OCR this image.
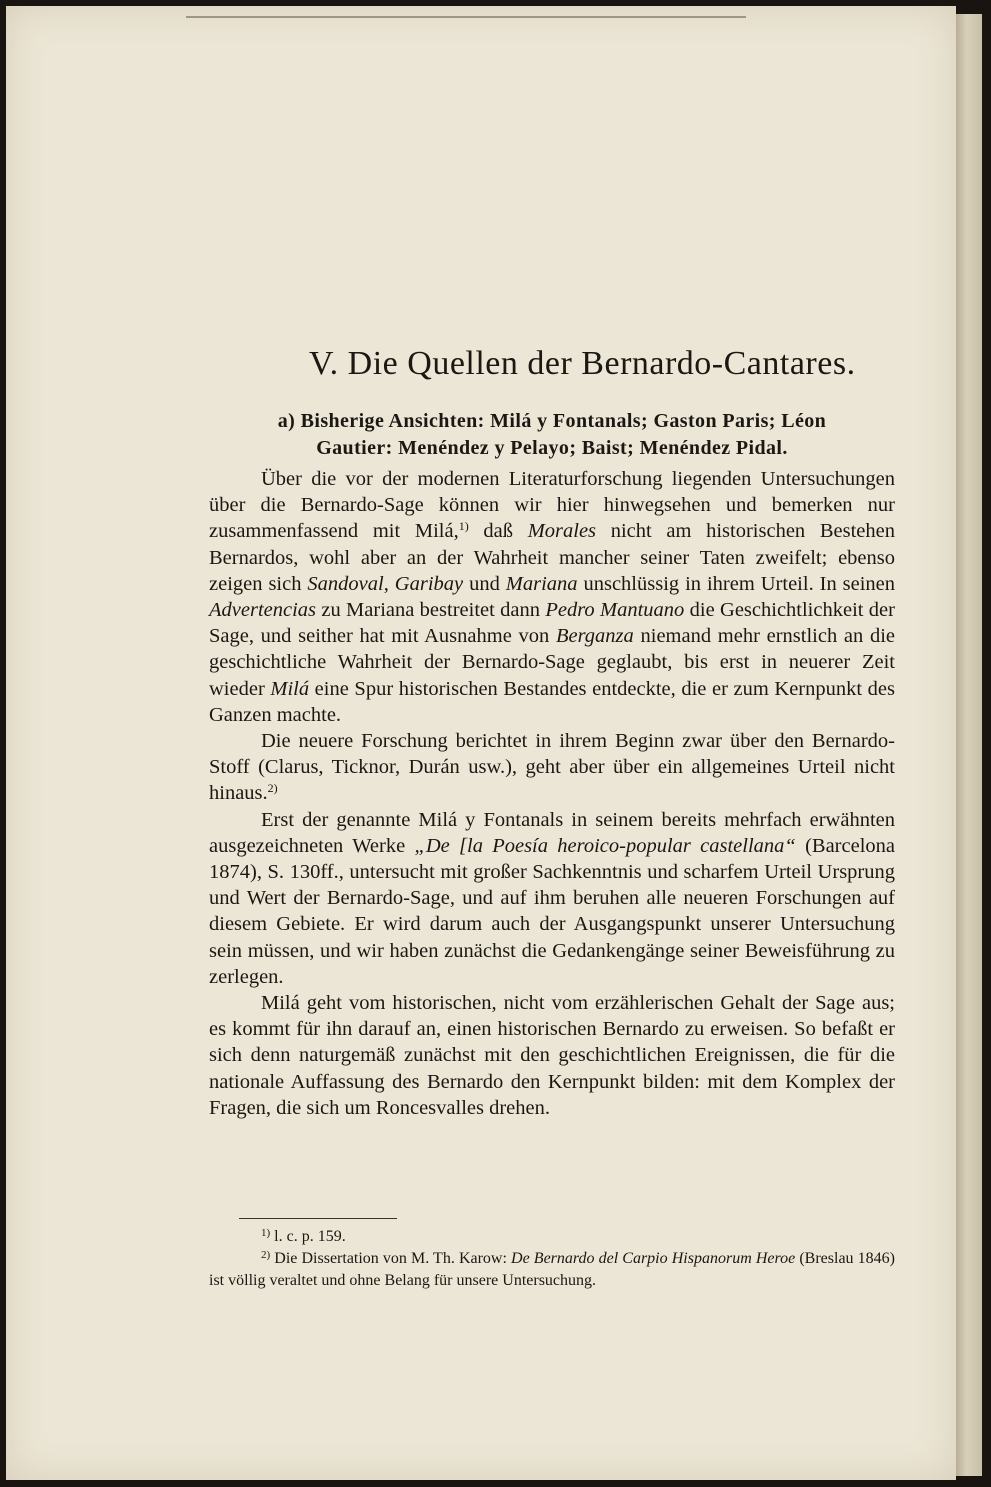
V. Die Quellen der Bernardo-Cantares.
a) Bisherige Ansichten: Milá y Fontanals; Gaston Paris; Léon
Gautier: Menéndez y Pelayo; Baist; Menéndez Pidal.

Über die vor der modernen Literaturforschung liegenden Untersuchungen über die Bernardo-Sage können wir hier hinwegsehen und bemerken nur zusammenfassend mit Milá,$^{1)}$ daß Morales nicht am historischen Bestehen Bernardos, wohl aber an der Wahrheit mancher seiner Taten zweifelt; ebenso zeigen sich Sandoval, Garibay und Mariana unschlüssig in ihrem Urteil. In seinen Advertencias zu Mariana bestreitet dann Pedro Mantuano die Geschichtlichkeit der Sage, und seither hat mit Ausnahme von Berganza niemand mehr ernstlich an die geschichtliche Wahrheit der Bernardo-Sage geglaubt, bis erst in neuerer Zeit wieder Milá eine Spur historischen Bestandes entdeckte, die er zum Kernpunkt des Ganzen machte.

Die neuere Forschung berichtet in ihrem Beginn zwar über den Bernardo-Stoff (Clarus, Ticknor, Durán usw.), geht aber über ein allgemeines Urteil nicht hinaus.$^{2)}$

Erst der genannte Milá y Fontanals in seinem bereits mehrfach erwähnten ausgezeichneten Werke „De [la Poesía heroico-popular castellana“ (Barcelona 1874), S. 130ff., untersucht mit großer Sachkenntnis und scharfem Urteil Ursprung und Wert der Bernardo-Sage, und auf ihm beruhen alle neueren Forschungen auf diesem Gebiete. Er wird darum auch der Ausgangspunkt unserer Untersuchung sein müssen, und wir haben zunächst die Gedankengänge seiner Beweisführung zu zerlegen.

Milá geht vom historischen, nicht vom erzählerischen Gehalt der Sage aus; es kommt für ihn darauf an, einen historischen Bernardo zu erweisen. So befaßt er sich denn naturgemäß zunächst mit den geschichtlichen Ereignissen, die für die nationale Auffassung des Bernardo den Kernpunkt bilden: mit dem Komplex der Fragen, die sich um Roncesvalles drehen.

$^{1)}$ l. c. p. 159.

$^{2)}$ Die Dissertation von M. Th. Karow: De Bernardo del Carpio Hispanorum Heroe (Breslau 1846) ist völlig veraltet und ohne Belang für unsere Untersuchung.
